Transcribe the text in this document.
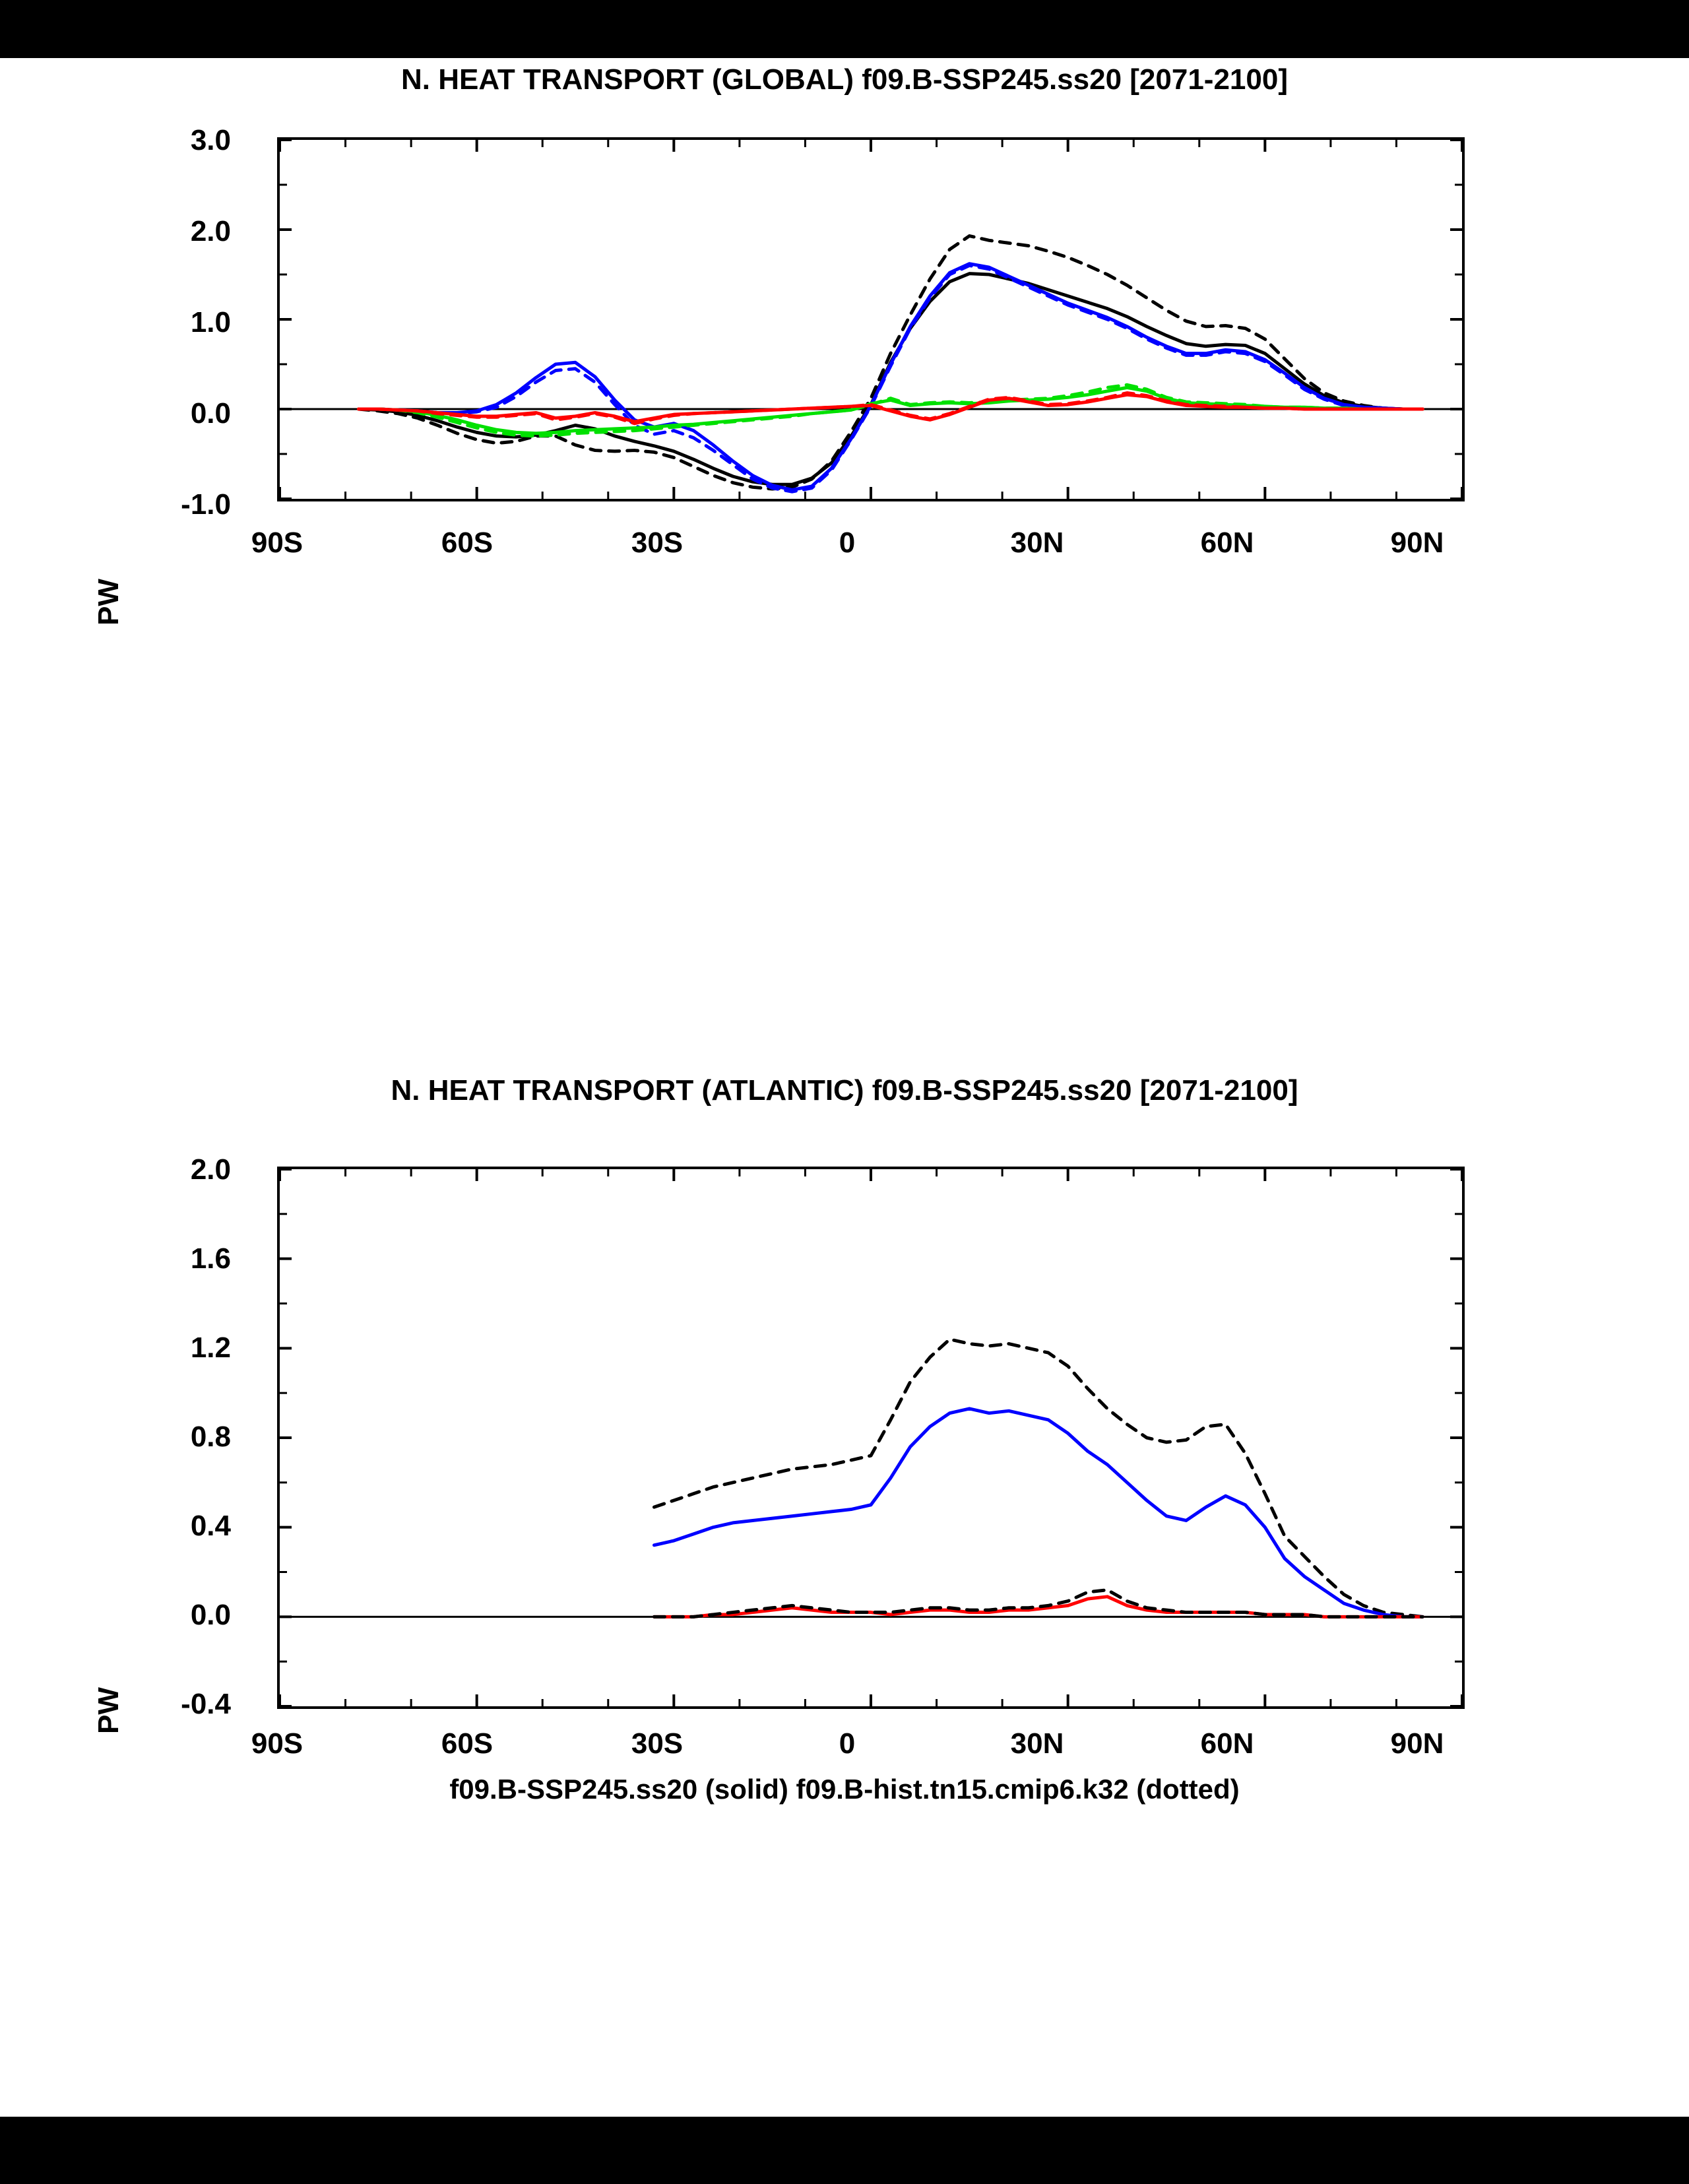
N. HEAT TRANSPORT (GLOBAL) f09.B-SSP245.ss20 [2071-2100]
PW
3.0
2.0
1.0
0.0
-1.0
90S	60S	30S	0	30N	60N	90N
N. HEAT TRANSPORT (ATLANTIC) f09.B-SSP245.ss20 [2071-2100]
PW
2.0
1.6
1.2
0.8
0.4
0.0
-0.4
90S	60S	30S	0	30N	60N	90N
f09.B-SSP245.ss20 (solid) f09.B-hist.tn15.cmip6.k32 (dotted)
